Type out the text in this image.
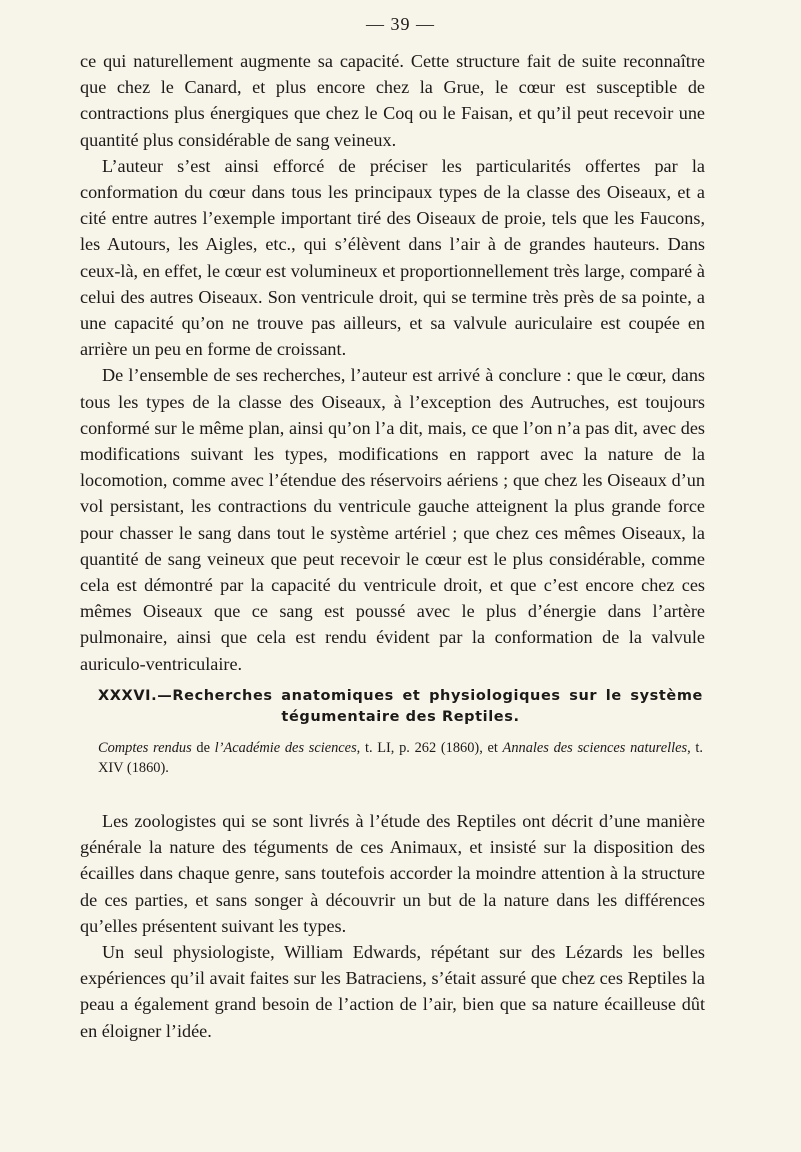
— 39 —

ce qui naturellement augmente sa capacité. Cette structure fait de suite reconnaître que chez le Canard, et plus encore chez la Grue, le cœur est susceptible de contractions plus énergiques que chez le Coq ou le Faisan, et qu’il peut recevoir une quantité plus considérable de sang veineux.

L’auteur s’est ainsi efforcé de préciser les particularités offertes par la conformation du cœur dans tous les principaux types de la classe des Oiseaux, et a cité entre autres l’exemple important tiré des Oiseaux de proie, tels que les Faucons, les Autours, les Aigles, etc., qui s’élèvent dans l’air à de grandes hauteurs. Dans ceux-là, en effet, le cœur est volumineux et proportionnellement très large, comparé à celui des autres Oiseaux. Son ventricule droit, qui se termine très près de sa pointe, a une capacité qu’on ne trouve pas ailleurs, et sa valvule auriculaire est coupée en arrière un peu en forme de croissant.

De l’ensemble de ses recherches, l’auteur est arrivé à conclure : que le cœur, dans tous les types de la classe des Oiseaux, à l’exception des Autruches, est toujours conformé sur le même plan, ainsi qu’on l’a dit, mais, ce que l’on n’a pas dit, avec des modifications suivant les types, modifications en rapport avec la nature de la locomotion, comme avec l’étendue des réservoirs aériens ; que chez les Oiseaux d’un vol persistant, les contractions du ventricule gauche atteignent la plus grande force pour chasser le sang dans tout le système artériel ; que chez ces mêmes Oiseaux, la quantité de sang veineux que peut recevoir le cœur est le plus considérable, comme cela est démontré par la capacité du ventricule droit, et que c’est encore chez ces mêmes Oiseaux que ce sang est poussé avec le plus d’énergie dans l’artère pulmonaire, ainsi que cela est rendu évident par la conformation de la valvule auriculo-ventriculaire.

XXXVI.—Recherches anatomiques et physiologiques sur le système tégumentaire des Reptiles.
Comptes rendus de l’Académie des sciences, t. LI, p. 262 (1860), et Annales des sciences naturelles, t. XIV (1860).

Les zoologistes qui se sont livrés à l’étude des Reptiles ont décrit d’une manière générale la nature des téguments de ces Animaux, et insisté sur la disposition des écailles dans chaque genre, sans toutefois accorder la moindre attention à la structure de ces parties, et sans songer à découvrir un but de la nature dans les différences qu’elles présentent suivant les types.

Un seul physiologiste, William Edwards, répétant sur des Lézards les belles expériences qu’il avait faites sur les Batraciens, s’était assuré que chez ces Reptiles la peau a également grand besoin de l’action de l’air, bien que sa nature écailleuse dût en éloigner l’idée.
